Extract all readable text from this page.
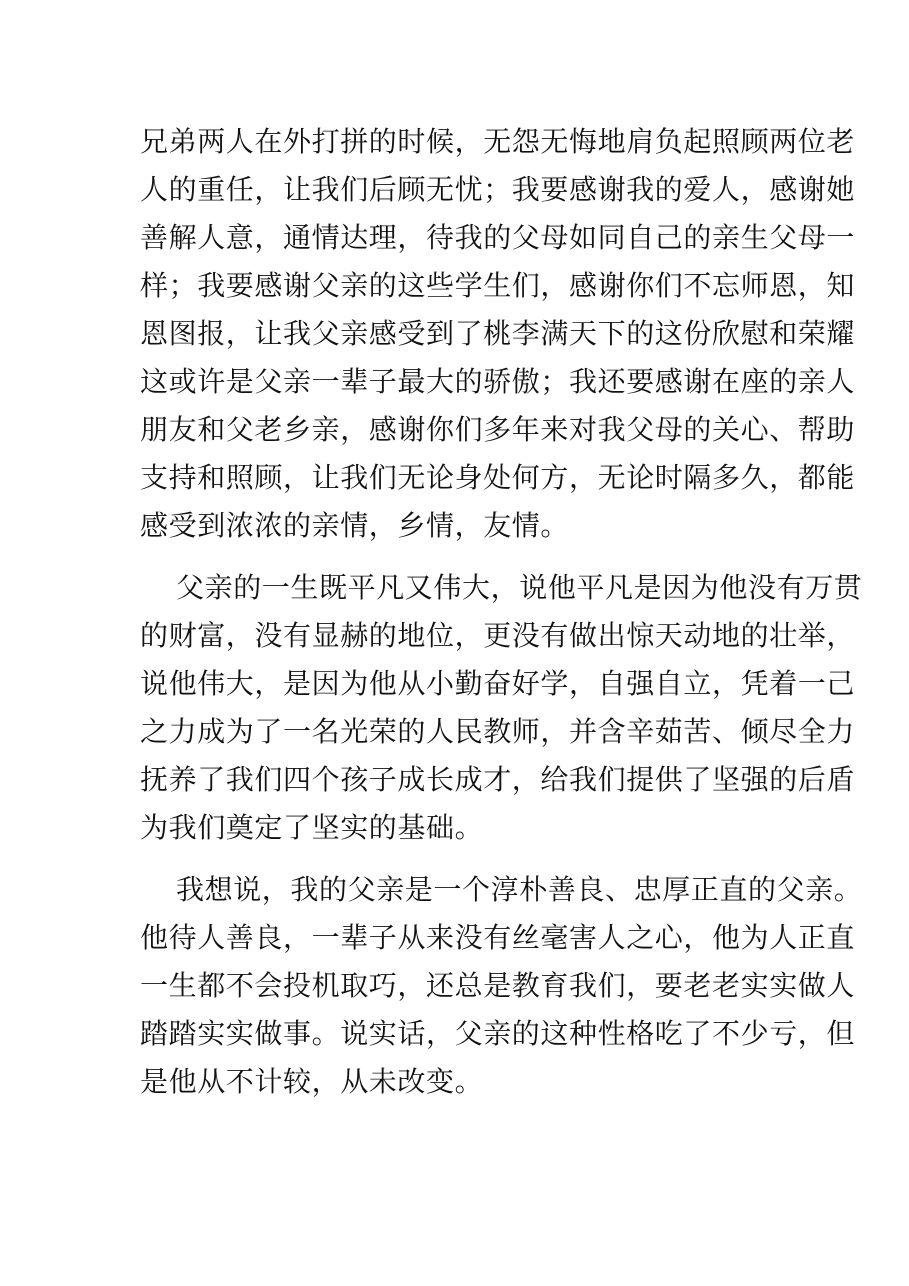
兄弟两人在外打拼的时候，无怨无悔地肩负起照顾两位老
人的重任，让我们后顾无忧；我要感谢我的爱人，感谢她
善解人意，通情达理，待我的父母如同自己的亲生父母一
样；我要感谢父亲的这些学生们，感谢你们不忘师恩，知
恩图报，让我父亲感受到了桃李满天下的这份欣慰和荣耀
这或许是父亲一辈子最大的骄傲；我还要感谢在座的亲人
朋友和父老乡亲，感谢你们多年来对我父母的关心、帮助
支持和照顾，让我们无论身处何方，无论时隔多久，都能
感受到浓浓的亲情，乡情，友情。
父亲的一生既平凡又伟大，说他平凡是因为他没有万贯
的财富，没有显赫的地位，更没有做出惊天动地的壮举，
说他伟大，是因为他从小勤奋好学，自强自立，凭着一己
之力成为了一名光荣的人民教师，并含辛茹苦、倾尽全力
抚养了我们四个孩子成长成才，给我们提供了坚强的后盾
为我们奠定了坚实的基础。
我想说，我的父亲是一个淳朴善良、忠厚正直的父亲。
他待人善良，一辈子从来没有丝毫害人之心，他为人正直
一生都不会投机取巧，还总是教育我们，要老老实实做人
踏踏实实做事。说实话，父亲的这种性格吃了不少亏，但
是他从不计较，从未改变。
